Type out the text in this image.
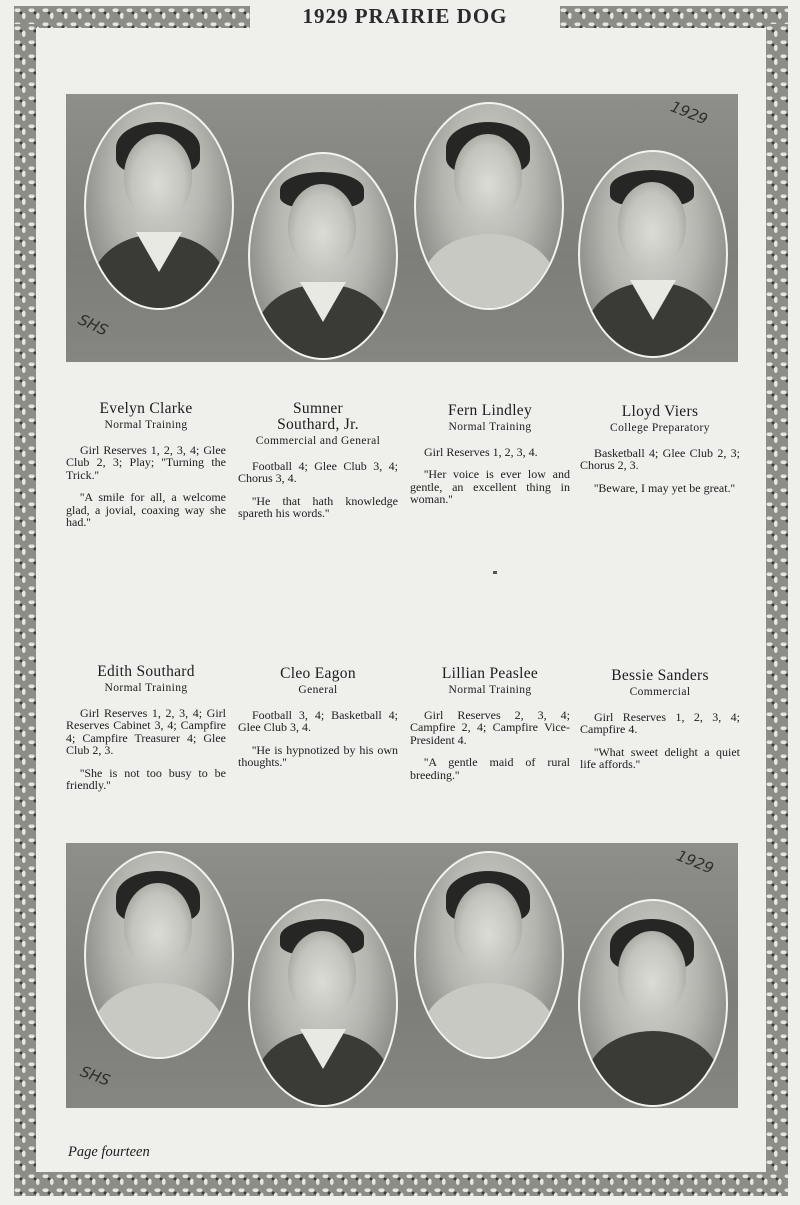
1929 PRAIRIE DOG
1929
SHS

Evelyn Clarke

Normal Training

Girl Reserves 1, 2, 3, 4; Glee Club 2, 3; Play; ''Turning the Trick.''

''A smile for all, a welcome glad, a jovial, coaxing way she had.''

Sumner Southard, Jr.

Commercial and General

Football 4; Glee Club 3, 4; Chorus 3, 4.

''He that hath knowledge spareth his words.''

Fern Lindley

Normal Training

Girl Reserves 1, 2, 3, 4.

''Her voice is ever low and gentle, an excellent thing in woman.''

Lloyd Viers

College Preparatory

Basketball 4; Glee Club 2, 3; Chorus 2, 3.

''Beware, I may yet be great.''

Edith Southard

Normal Training

Girl Reserves 1, 2, 3, 4; Girl Reserves Cabinet 3, 4; Campfire 4; Campfire Treasurer 4; Glee Club 2, 3.

''She is not too busy to be friendly.''

Cleo Eagon

General

Football 3, 4; Basketball 4; Glee Club 3, 4.

''He is hypnotized by his own thoughts.''

Lillian Peaslee

Normal Training

Girl Reserves 2, 3, 4; Campfire 2, 4; Campfire Vice-President 4.

''A gentle maid of rural breeding.''

Bessie Sanders

Commercial

Girl Reserves 1, 2, 3, 4; Campfire 4.

''What sweet delight a quiet life affords.''

1929
SHS
Page fourteen
